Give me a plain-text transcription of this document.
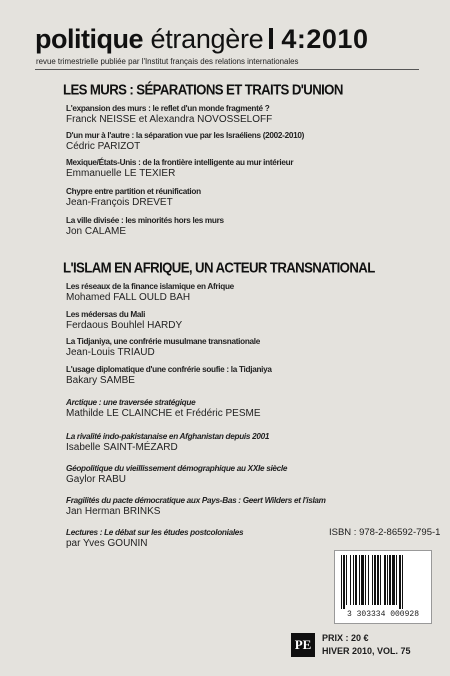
politique étrangère 4:2010
revue trimestrielle publiée par l'Institut français des relations internationales
LES MURS : SÉPARATIONS ET TRAITS D'UNION
L'expansion des murs : le reflet d'un monde fragmenté ?
Franck NEISSE et Alexandra NOVOSSELOFF
D'un mur à l'autre : la séparation vue par les Israéliens (2002-2010)
Cédric PARIZOT
Mexique/États-Unis : de la frontière intelligente au mur intérieur
Emmanuelle LE TEXIER
Chypre entre partition et réunification
Jean-François DREVET
La ville divisée : les minorités hors les murs
Jon CALAME
L'ISLAM EN AFRIQUE, UN ACTEUR TRANSNATIONAL
Les réseaux de la finance islamique en Afrique
Mohamed FALL OULD BAH
Les médersas du Mali
Ferdaous Bouhlel HARDY
La Tidjaniya, une confrérie musulmane transnationale
Jean-Louis TRIAUD
L'usage diplomatique d'une confrérie soufie : la Tidjaniya
Bakary SAMBE
Arctique : une traversée stratégique
Mathilde LE CLAINCHE et Frédéric PESME
La rivalité indo-pakistanaise en Afghanistan depuis 2001
Isabelle SAINT-MÉZARD
Géopolitique du vieillissement démographique au XXIe siècle
Gaylor RABU
Fragilités du pacte démocratique aux Pays-Bas : Geert Wilders et l'islam
Jan Herman BRINKS
Lectures : Le débat sur les études postcoloniales
par Yves GOUNIN
ISBN : 978-2-86592-795-1
3 303334 000928
PE	PRIX : 20 €
HIVER 2010, VOL. 75
